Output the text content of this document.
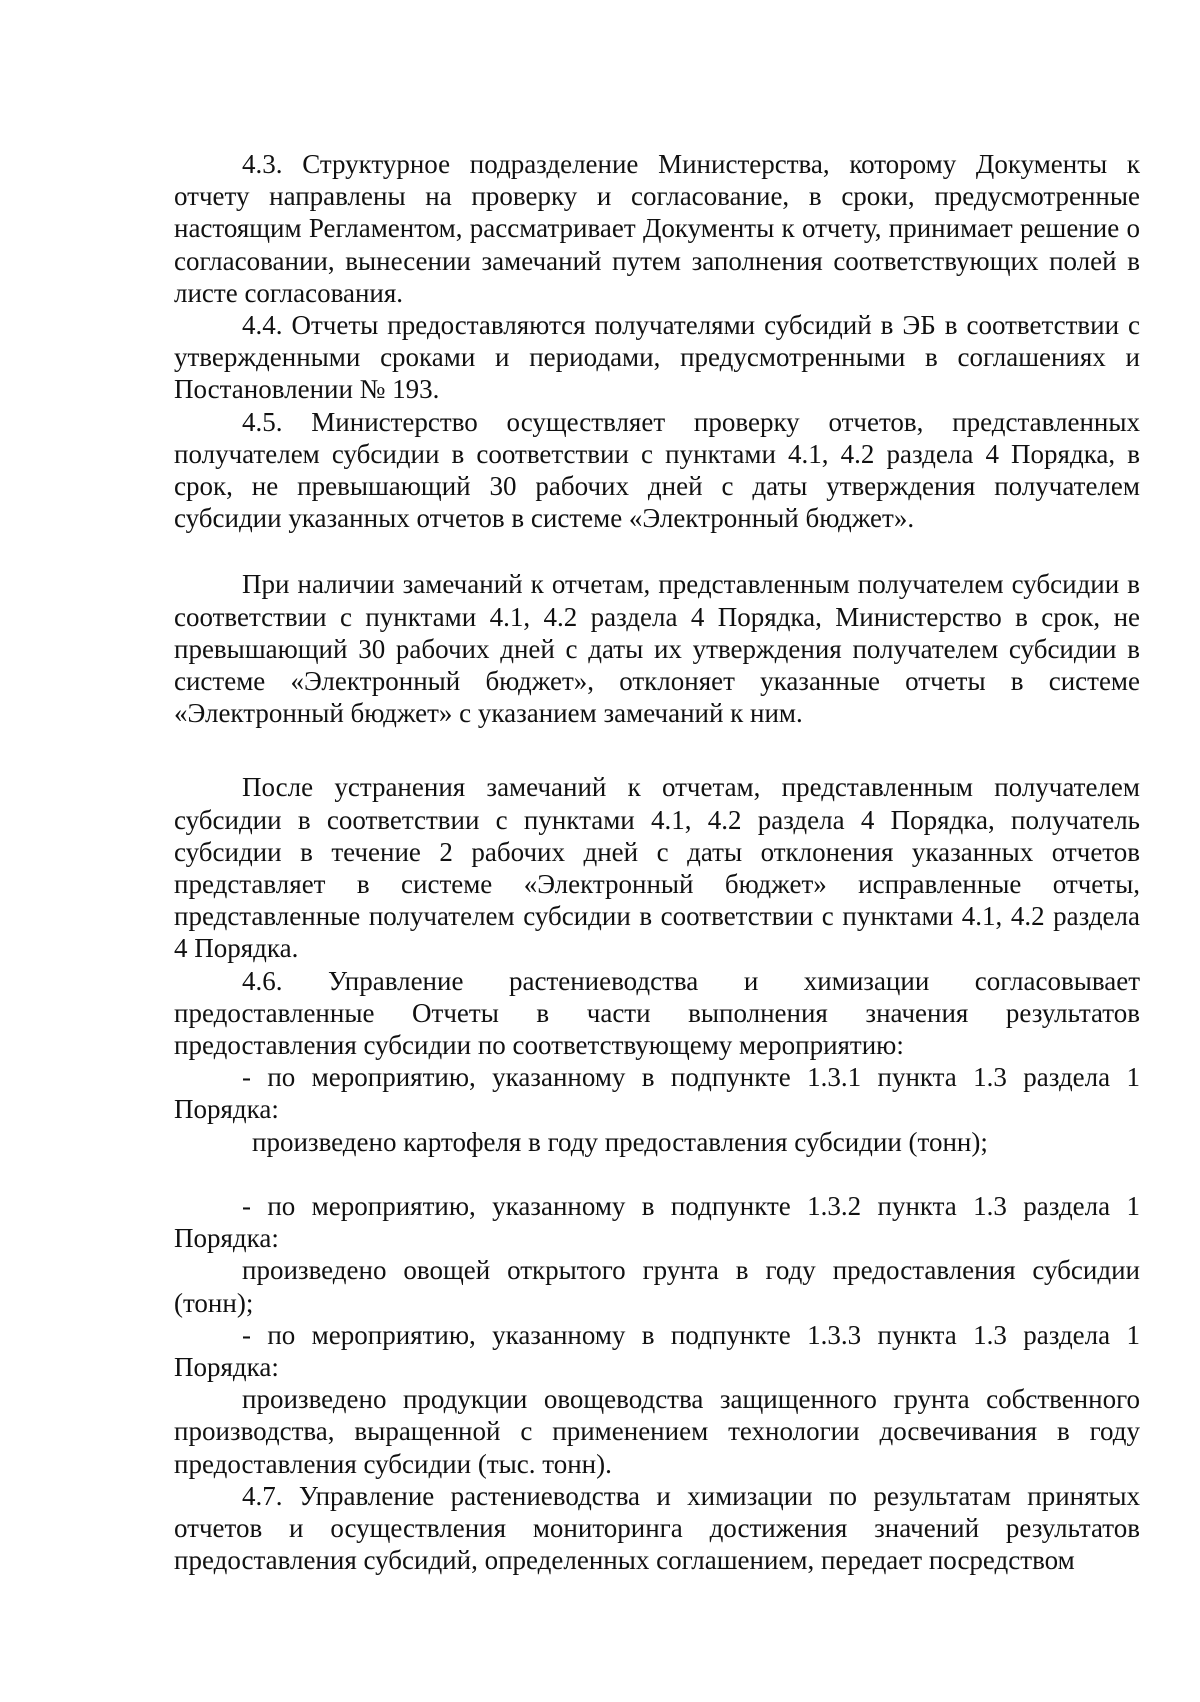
4.3. Структурное подразделение Министерства, которому Документы к отчету направлены на проверку и согласование, в сроки, предусмотренные настоящим Регламентом, рассматривает Документы к отчету, принимает решение о согласовании, вынесении замечаний путем заполнения соответствующих полей в листе согласования.

4.4. Отчеты предоставляются получателями субсидий в ЭБ в соответствии с утвержденными сроками и периодами, предусмотренными в соглашениях и Постановлении № 193.

4.5. Министерство осуществляет проверку отчетов, представленных получателем субсидии в соответствии с пунктами 4.1, 4.2 раздела 4 Порядка, в срок, не превышающий 30 рабочих дней с даты утверждения получателем субсидии указанных отчетов в системе «Электронный бюджет».

При наличии замечаний к отчетам, представленным получателем субсидии в соответствии с пунктами 4.1, 4.2 раздела 4 Порядка, Министерство в срок, не превышающий 30 рабочих дней с даты их утверждения получателем субсидии в системе «Электронный бюджет», отклоняет указанные отчеты в системе «Электронный бюджет» с указанием замечаний к ним.

После устранения замечаний к отчетам, представленным получателем субсидии в соответствии с пунктами 4.1, 4.2 раздела 4 Порядка, получатель субсидии в течение 2 рабочих дней с даты отклонения указанных отчетов представляет в системе «Электронный бюджет» исправленные отчеты, представленные получателем субсидии в соответствии с пунктами 4.1, 4.2 раздела 4 Порядка.

4.6. Управление растениеводства и химизации согласовывает предоставленные Отчеты в части выполнения значения результатов предоставления субсидии по соответствующему мероприятию:

- по мероприятию, указанному в подпункте 1.3.1 пункта 1.3 раздела 1 Порядка:

произведено картофеля в году предоставления субсидии (тонн);

- по мероприятию, указанному в подпункте 1.3.2 пункта 1.3 раздела 1 Порядка:

произведено овощей открытого грунта в году предоставления субсидии (тонн);

- по мероприятию, указанному в подпункте 1.3.3 пункта 1.3 раздела 1 Порядка:

произведено продукции овощеводства защищенного грунта собственного производства, выращенной с применением технологии досвечивания в году предоставления субсидии (тыс. тонн).

4.7. Управление растениеводства и химизации по результатам принятых отчетов и осуществления мониторинга достижения значений результатов предоставления субсидий, определенных соглашением, передает посредством
